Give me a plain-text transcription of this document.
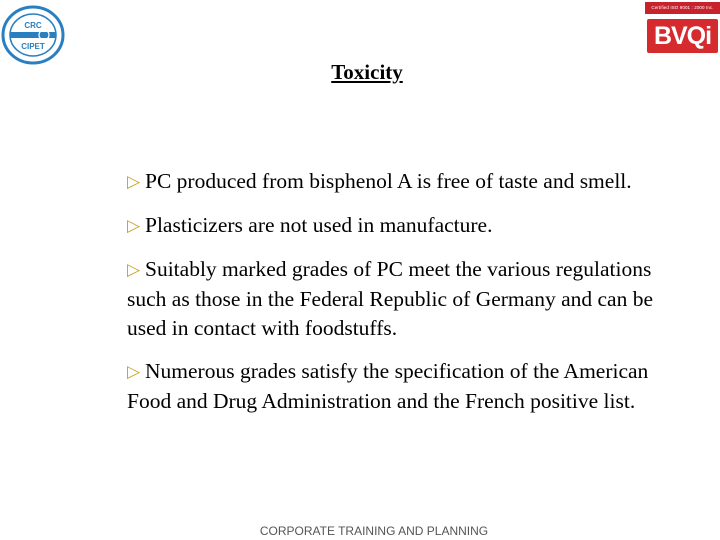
CRC
CIPET
Certified ISO 9001 : 2000 Inc.
BVQi
Toxicity
▷ PC produced from bisphenol A is free of taste and smell.
▷ Plasticizers are not used in manufacture.
▷ Suitably marked grades of PC meet the various regulations such as those in the Federal Republic of Germany and can be used in contact with foodstuffs.
▷ Numerous grades satisfy the specification of the American Food and Drug Administration and the French positive list.
CORPORATE TRAINING AND PLANNING
